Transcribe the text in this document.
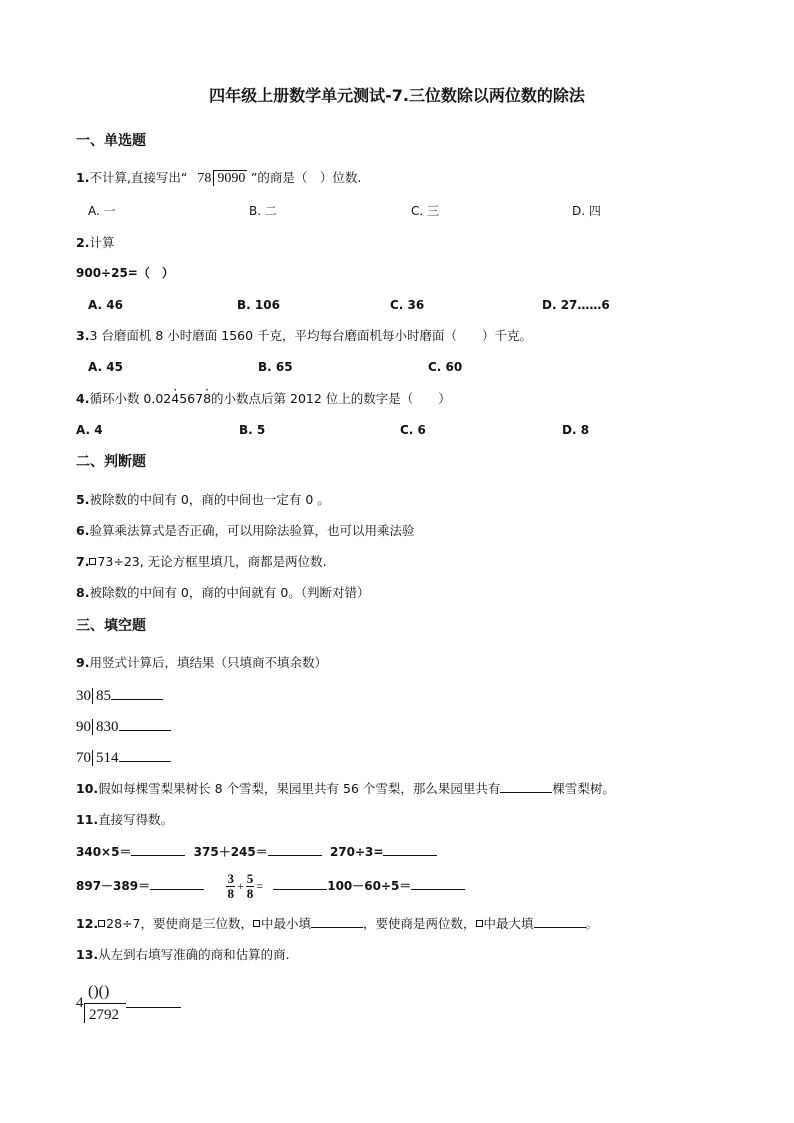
四年级上册数学单元测试-7.三位数除以两位数的除法
一、单选题
1.不计算,直接写出“ 78 9090 ”的商是（　）位数.
A. 一	B. 二	C. 三	D. 四
2.计算
900÷25=（　）
A. 46	B. 106	C. 36	D. 27……6
3.3 台磨面机 8 小时磨面 1560 千克，平均每台磨面机每小时磨面（　　）千克。
A. 45	B. 65	C. 60
4.循环小数 0.02· 4567· 8的小数点后第 2012 位上的数字是（　　）
A. 4	B. 5	C. 6	D. 8
二、判断题
5.被除数的中间有 0，商的中间也一定有 0 。
6.验算乘法算式是否正确，可以用除法验算，也可以用乘法验
7. 73÷23, 无论方框里填几，商都是两位数.
8.被除数的中间有 0，商的中间就有 0。（判断对错）
三、填空题
9.用竖式计算后，填结果（只填商不填余数）
30 85
90 830
70 514
10.假如每棵雪梨果树长 8 个雪梨，果园里共有 56 个雪梨，那么果园里共有	棵雪梨树。
11.直接写得数。
340×5＝	375＋245＝	270÷3=
897－389＝	$\frac{3}{8} + \frac{5}{8}$ =	100－60÷5＝
12. 28÷7，要使商是三位数， 中最小填	，要使商是两位数， 中最大填	。
13.从左到右填写准确的商和估算的商.
()()
4
2792
